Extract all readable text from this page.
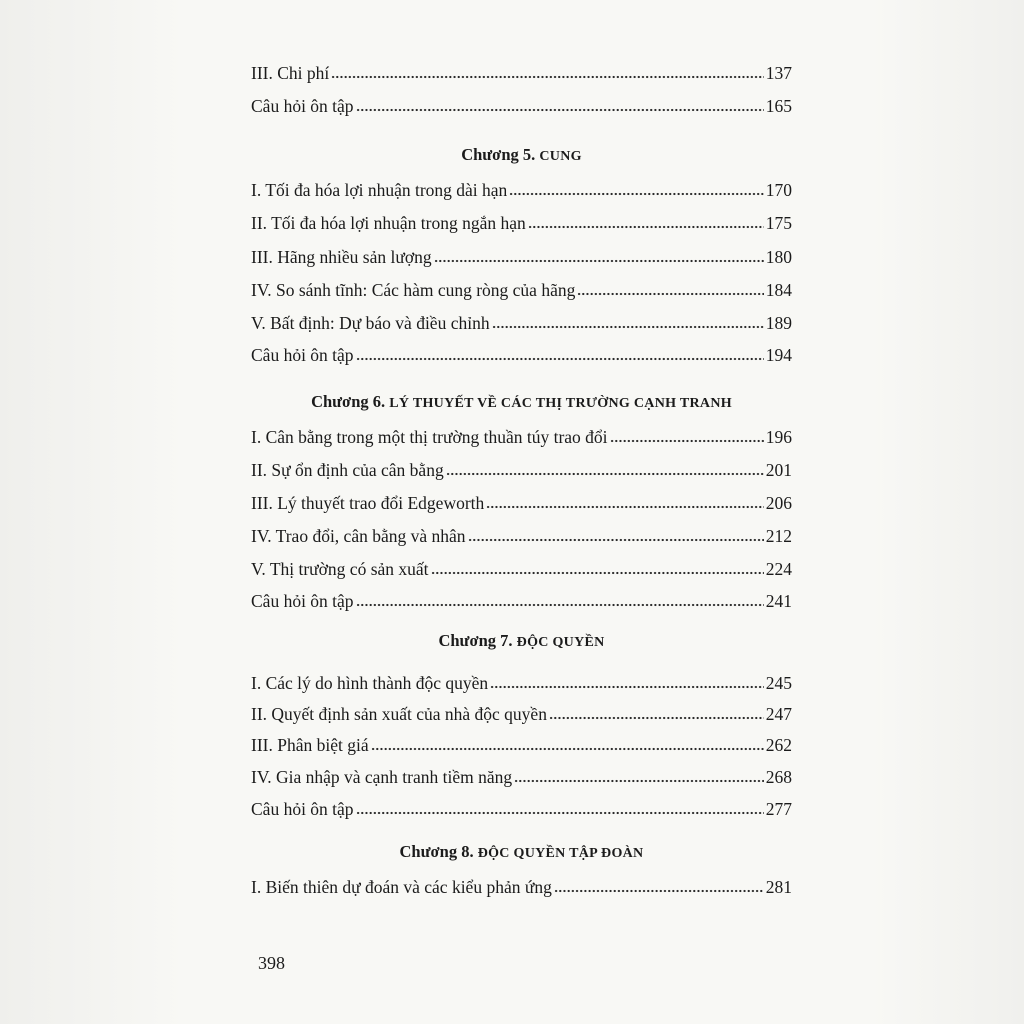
III. Chi phí	137
Câu hỏi ôn tập	165
Chương 5. CUNG
I. Tối đa hóa lợi nhuận trong dài hạn	170
II. Tối đa hóa lợi nhuận trong ngắn hạn	175
III. Hãng nhiều sản lượng	180
IV. So sánh tĩnh: Các hàm cung ròng của hãng	184
V. Bất định: Dự báo và điều chỉnh	189
Câu hỏi ôn tập	194
Chương 6. LÝ THUYẾT VỀ CÁC THỊ TRƯỜNG CẠNH TRANH
I. Cân bằng trong một thị trường thuần túy trao đổi	196
II. Sự ổn định của cân bằng	201
III. Lý thuyết trao đổi Edgeworth	206
IV. Trao đổi, cân bằng và nhân	212
V. Thị trường có sản xuất	224
Câu hỏi ôn tập	241
Chương 7. ĐỘC QUYỀN
I. Các lý do hình thành độc quyền	245
II. Quyết định sản xuất của nhà độc quyền	247
III. Phân biệt giá	262
IV. Gia nhập và cạnh tranh tiềm năng	268
Câu hỏi ôn tập	277
Chương 8. ĐỘC QUYỀN TẬP ĐOÀN
I. Biến thiên dự đoán và các kiểu phản ứng	281
398
